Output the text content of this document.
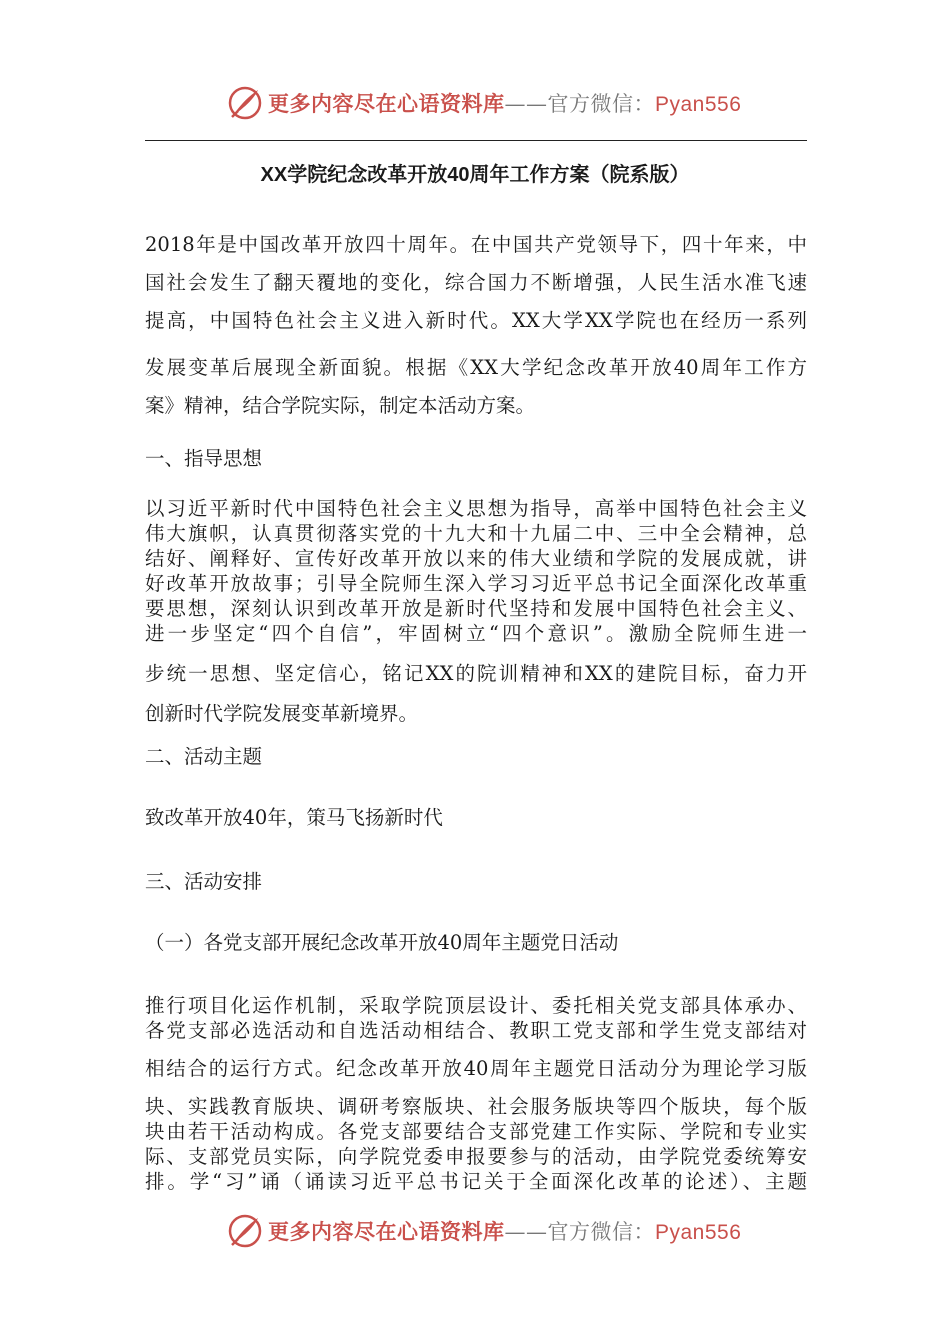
更多内容尽在心语资料库——官方微信：Pyan556
XX学院纪念改革开放40周年工作方案（院系版）
2018年是中国改革开放四十周年。在中国共产党领导下，四十年来，中
国社会发生了翻天覆地的变化，综合国力不断增强，人民生活水准飞速
提高，中国特色社会主义进入新时代。XX大学XX学院也在经历一系列
发展变革后展现全新面貌。根据《XX大学纪念改革开放40周年工作方
案》精神，结合学院实际，制定本活动方案。
一、指导思想
以习近平新时代中国特色社会主义思想为指导，高举中国特色社会主义
伟大旗帜，认真贯彻落实党的十九大和十九届二中、三中全会精神，总
结好、阐释好、宣传好改革开放以来的伟大业绩和学院的发展成就，讲
好改革开放故事；引导全院师生深入学习习近平总书记全面深化改革重
要思想，深刻认识到改革开放是新时代坚持和发展中国特色社会主义、
进一步坚定“四个自信”，牢固树立“四个意识”。激励全院师生进一
步统一思想、坚定信心，铭记XX的院训精神和XX的建院目标，奋力开
创新时代学院发展变革新境界。
二、活动主题
致改革开放40年，策马飞扬新时代
三、活动安排
（一）各党支部开展纪念改革开放40周年主题党日活动
推行项目化运作机制，采取学院顶层设计、委托相关党支部具体承办、
各党支部必选活动和自选活动相结合、教职工党支部和学生党支部结对
相结合的运行方式。纪念改革开放40周年主题党日活动分为理论学习版
块、实践教育版块、调研考察版块、社会服务版块等四个版块，每个版
块由若干活动构成。各党支部要结合支部党建工作实际、学院和专业实
际、支部党员实际，向学院党委申报要参与的活动，由学院党委统筹安
排。学“习”诵（诵读习近平总书记关于全面深化改革的论述）、主题
更多内容尽在心语资料库——官方微信：Pyan556
